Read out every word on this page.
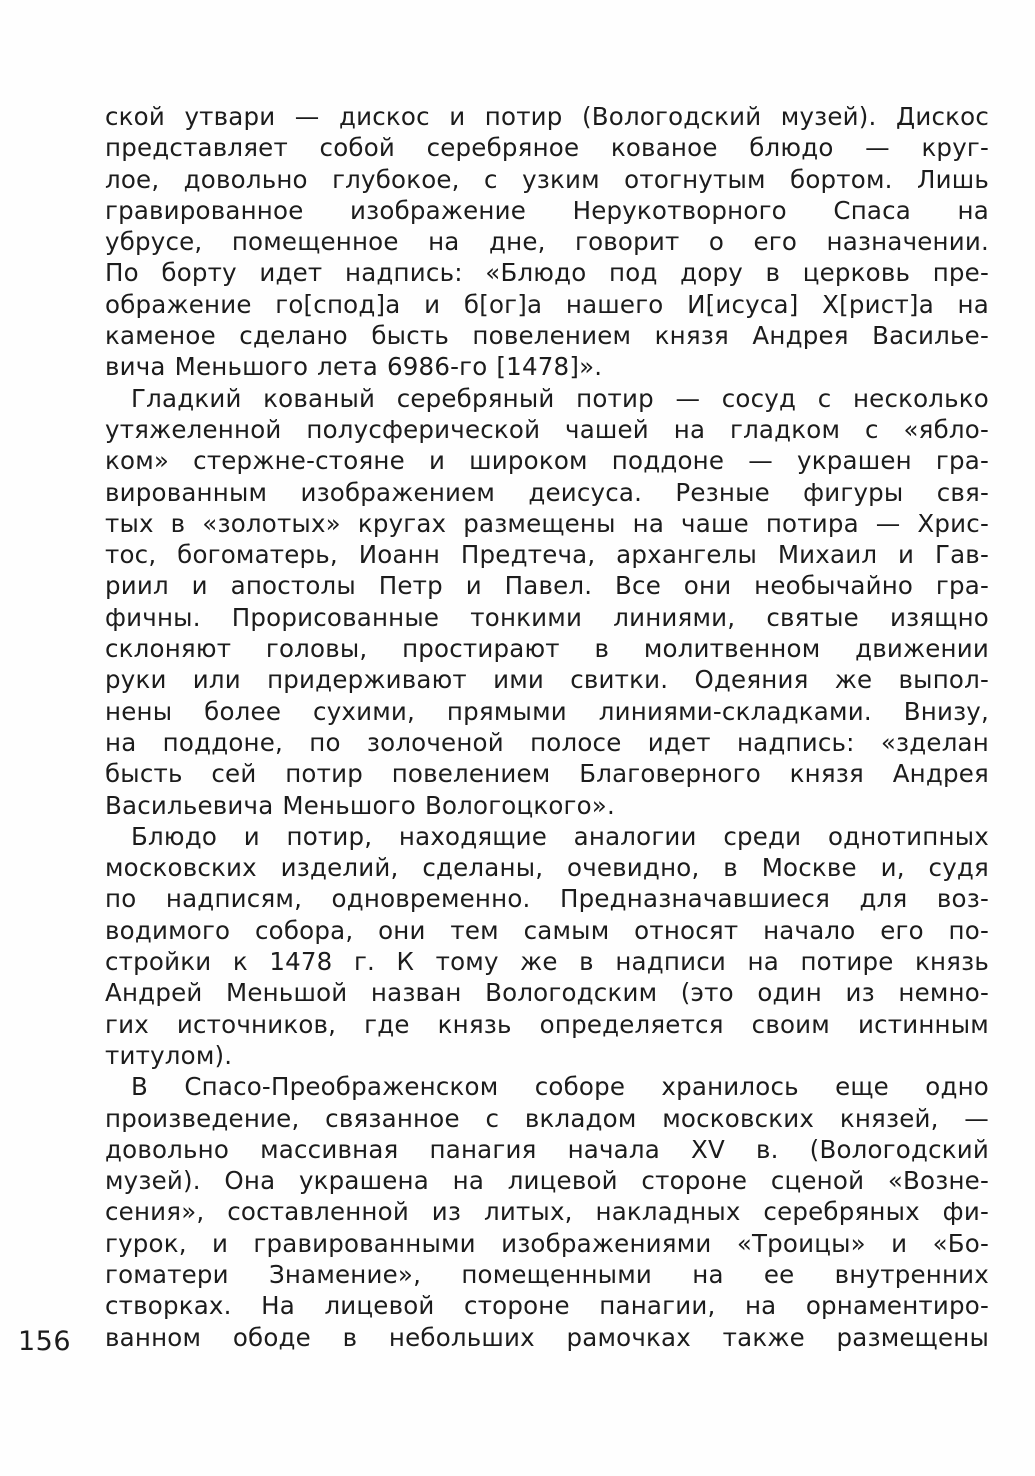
ской утвари — дискос и потир (Вологодский музей). Дискос
представляет собой серебряное кованое блюдо — круг-
лое, довольно глубокое, с узким отогнутым бортом. Лишь
гравированное изображение Нерукотворного Спаса на
убрусе, помещенное на дне, говорит о его назначении.
По борту идет надпись: «Блюдо под дору в церковь пре-
ображение го[спод]а и б[ог]а нашего И[исуса] Х[рист]а на
каменое сделано бысть повелением князя Андрея Василье-
вича Меньшого лета 6986-го [1478]».
Гладкий кованый серебряный потир — сосуд с несколько
утяжеленной полусферической чашей на гладком с «ябло-
ком» стержне-стояне и широком поддоне — украшен гра-
вированным изображением деисуса. Резные фигуры свя-
тых в «золотых» кругах размещены на чаше потира — Хрис-
тос, богоматерь, Иоанн Предтеча, архангелы Михаил и Гав-
риил и апостолы Петр и Павел. Все они необычайно гра-
фичны. Прорисованные тонкими линиями, святые изящно
склоняют головы, простирают в молитвенном движении
руки или придерживают ими свитки. Одеяния же выпол-
нены более сухими, прямыми линиями-складками. Внизу,
на поддоне, по золоченой полосе идет надпись: «зделан
бысть сей потир повелением Благоверного князя Андрея
Васильевича Меньшого Вологоцкого».
Блюдо и потир, находящие аналогии среди однотипных
московских изделий, сделаны, очевидно, в Москве и, судя
по надписям, одновременно. Предназначавшиеся для воз-
водимого собора, они тем самым относят начало его по-
стройки к 1478 г. К тому же в надписи на потире князь
Андрей Меньшой назван Вологодским (это один из немно-
гих источников, где князь определяется своим истинным
титулом).
В Спасо-Преображенском соборе хранилось еще одно
произведение, связанное с вкладом московских князей, —
довольно массивная панагия начала XV в. (Вологодский
музей). Она украшена на лицевой стороне сценой «Возне-
сения», составленной из литых, накладных серебряных фи-
гурок, и гравированными изображениями «Троицы» и «Бо-
гоматери Знамение», помещенными на ее внутренних
створках. На лицевой стороне панагии, на орнаментиро-
ванном ободе в небольших рамочках также размещены
156
